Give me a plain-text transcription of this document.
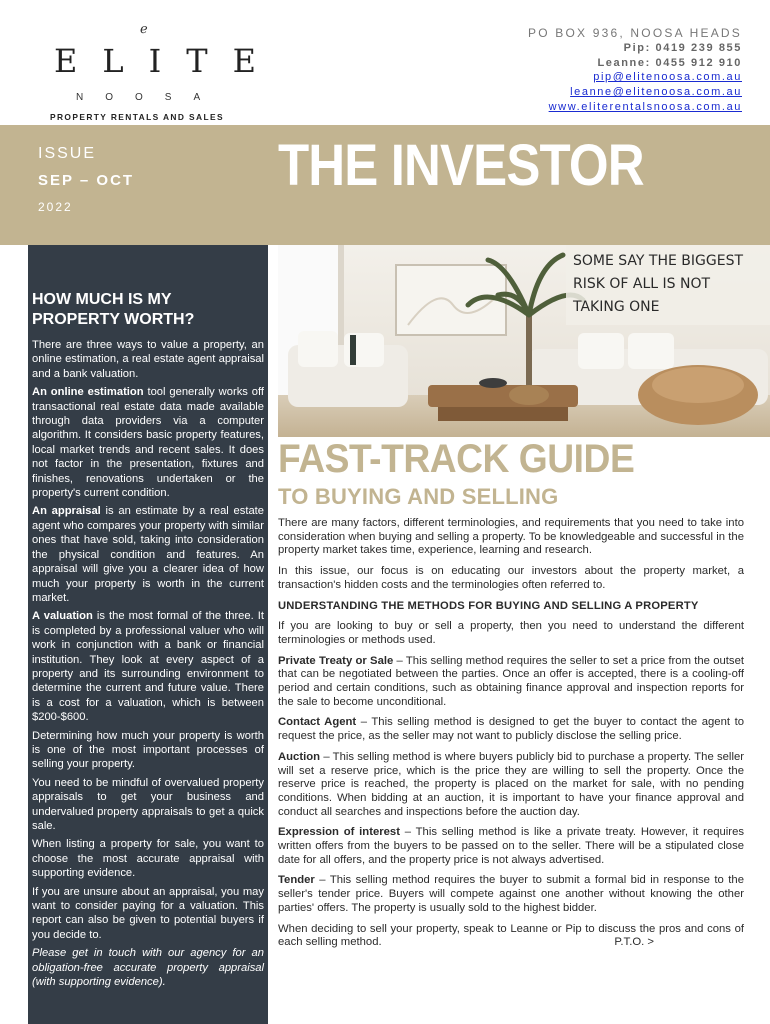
ℯ
ELITE
NOOSA
PROPERTY RENTALS AND SALES
PO BOX 936, NOOSA HEADS
Pip: 0419 239 855
Leanne: 0455 912 910
pip@elitenoosa.com.au
leanne@elitenoosa.com.au
www.eliterentalsnoosa.com.au
ISSUE
SEP – OCT
2022
THE INVESTOR
HOW MUCH IS MY PROPERTY WORTH?

There are three ways to value a property, an online estimation, a real estate agent appraisal and a bank valuation.

An online estimation tool generally works off transactional real estate data made available through data providers via a computer algorithm. It considers basic property features, local market trends and recent sales. It does not factor in the presentation, fixtures and finishes, renovations undertaken or the property's current condition.

An appraisal is an estimate by a real estate agent who compares your property with similar ones that have sold, taking into consideration the physical condition and features. An appraisal will give you a clearer idea of how much your property is worth in the current market.

A valuation is the most formal of the three. It is completed by a professional valuer who will work in conjunction with a bank or financial institution. They look at every aspect of a property and its surrounding environment to determine the current and future value. There is a cost for a valuation, which is between $200-$600.

Determining how much your property is worth is one of the most important processes of selling your property.

You need to be mindful of overvalued property appraisals to get your business and undervalued property appraisals to get a quick sale.

When listing a property for sale, you want to choose the most accurate appraisal with supporting evidence.

If you are unsure about an appraisal, you may want to consider paying for a valuation. This report can also be given to potential buyers if you decide to.

Please get in touch with our agency for an obligation-free accurate property appraisal (with supporting evidence).

SOME SAY THE BIGGEST RISK OF ALL IS NOT TAKING ONE
FAST-TRACK GUIDE
TO BUYING AND SELLING

There are many factors, different terminologies, and requirements that you need to take into consideration when buying and selling a property. To be knowledgeable and successful in the property market takes time, experience, learning and research.

In this issue, our focus is on educating our investors about the property market, a transaction's hidden costs and the terminologies often referred to.

UNDERSTANDING THE METHODS FOR BUYING AND SELLING A PROPERTY

If you are looking to buy or sell a property, then you need to understand the different terminologies or methods used.

Private Treaty or Sale – This selling method requires the seller to set a price from the outset that can be negotiated between the parties. Once an offer is accepted, there is a cooling-off period and certain conditions, such as obtaining finance approval and inspection reports for the sale to become unconditional.

Contact Agent – This selling method is designed to get the buyer to contact the agent to request the price, as the seller may not want to publicly disclose the selling price.

Auction – This selling method is where buyers publicly bid to purchase a property. The seller will set a reserve price, which is the price they are willing to sell the property. Once the reserve price is reached, the property is placed on the market for sale, with no pending conditions. When bidding at an auction, it is important to have your finance approval and conduct all searches and inspections before the auction day.

Expression of interest – This selling method is like a private treaty. However, it requires written offers from the buyers to be passed on to the seller. There will be a stipulated close date for all offers, and the property price is not always advertised.

Tender – This selling method requires the buyer to submit a formal bid in response to the seller's tender price. Buyers will compete against one another without knowing the other parties' offers. The property is usually sold to the highest bidder.

When deciding to sell your property, speak to Leanne or Pip to discuss the pros and cons of each selling method.	P.T.O. >
